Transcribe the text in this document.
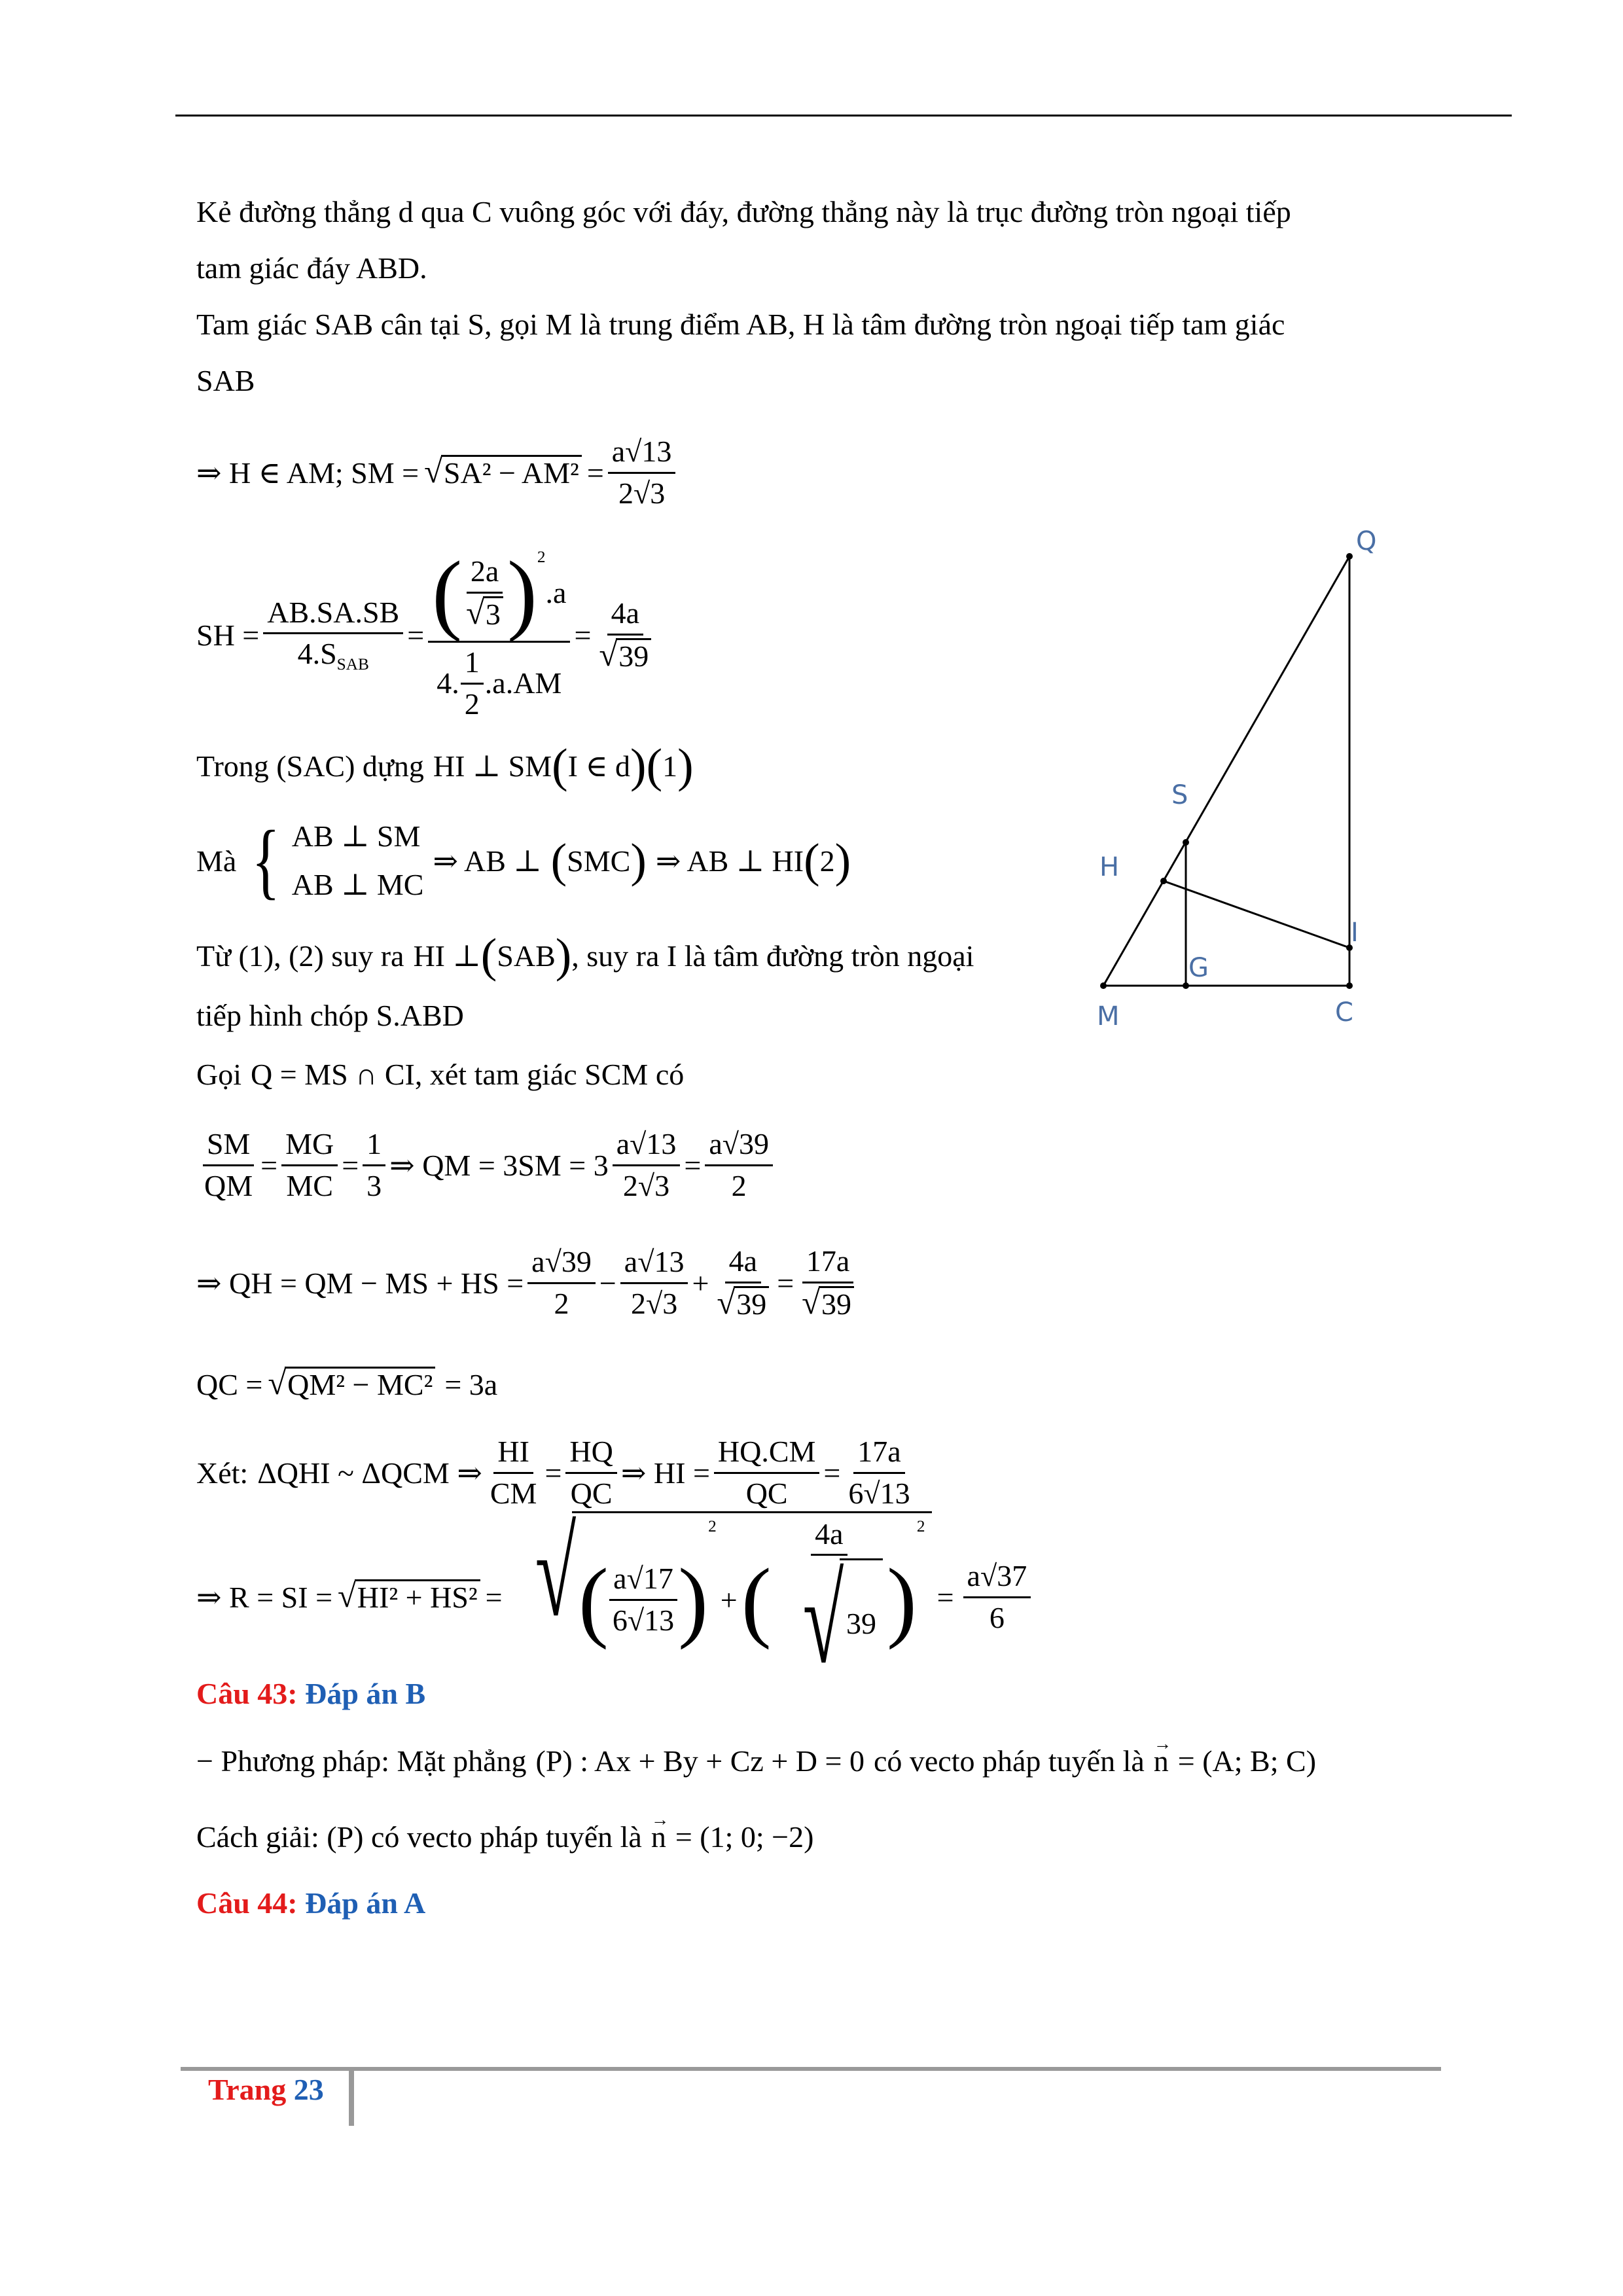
Kẻ đường thẳng d qua C vuông góc với đáy, đường thẳng này là trục đường tròn ngoại tiếp
tam giác đáy ABD.
Tam giác SAB cân tại S, gọi M là trung điểm AB, H là tâm đường tròn ngoại tiếp tam giác
SAB
⇒ H ∈ AM; SM = √ $SA^2 - AM^2 = \frac{a√13}{2√3}$
SH = $\frac{AB.SA.SB}{4.S_{SAB}}$ = ( $\frac{2a}{√ 3} )^2$
.a
4. $\frac{1}{2} .a.AM = \frac{4a}{√ 39}$
Trong (SAC) dựng HI ⊥ SM ( I ∈ d ) ( 1 )
Mà { AB ⊥ SM
AB ⊥ MC
⇒ AB ⊥ ( SMC ) ⇒ AB ⊥ HI ( 2 )
Từ (1), (2) suy ra HI ⊥ ( SAB ) , suy ra I là tâm đường tròn ngoại
tiếp hình chóp S.ABD
Gọi Q = MS ∩ CI , xét tam giác SCM có
$\frac{SM}{QM} = \frac{MG}{MC} = \frac{1}{3}$ ⇒ QM = $3SM = 3 \frac{a√13}{2√3} = \frac{a√39}{2}$
⇒ QH = QM − MS + HS = $\frac{a√39}{2} - \frac{a√13}{2√3} + \frac{4a}{√ 39} = \frac{17a}{√ 39}$
QC = √ QM² − MC² = 3a
Xét: ΔQHI ~ ΔQCM ⇒ $\frac{HI}{CM} = \frac{HQ}{QC}$ ⇒ HI = $\frac{HQ.CM}{QC} = \frac{17a}{6√13}$
⇒ R = SI = √ HI² + HS² = √ ( $\frac{a√17}{6√13}$ )
2
+ ( $\frac{4a}{√ 39}$ )
2
= $\frac{a√37}{6}$
Câu 43: Đáp án B
− Phương pháp: Mặt phẳng (P) : Ax + By + Cz + D = 0 có vecto pháp tuyến là → n = (A; B; C)
Cách giải: (P) có vecto pháp tuyến là → n = (1; 0; −2)
Câu 44: Đáp án A
Q
S
H
I
G
M	C
Trang 23
